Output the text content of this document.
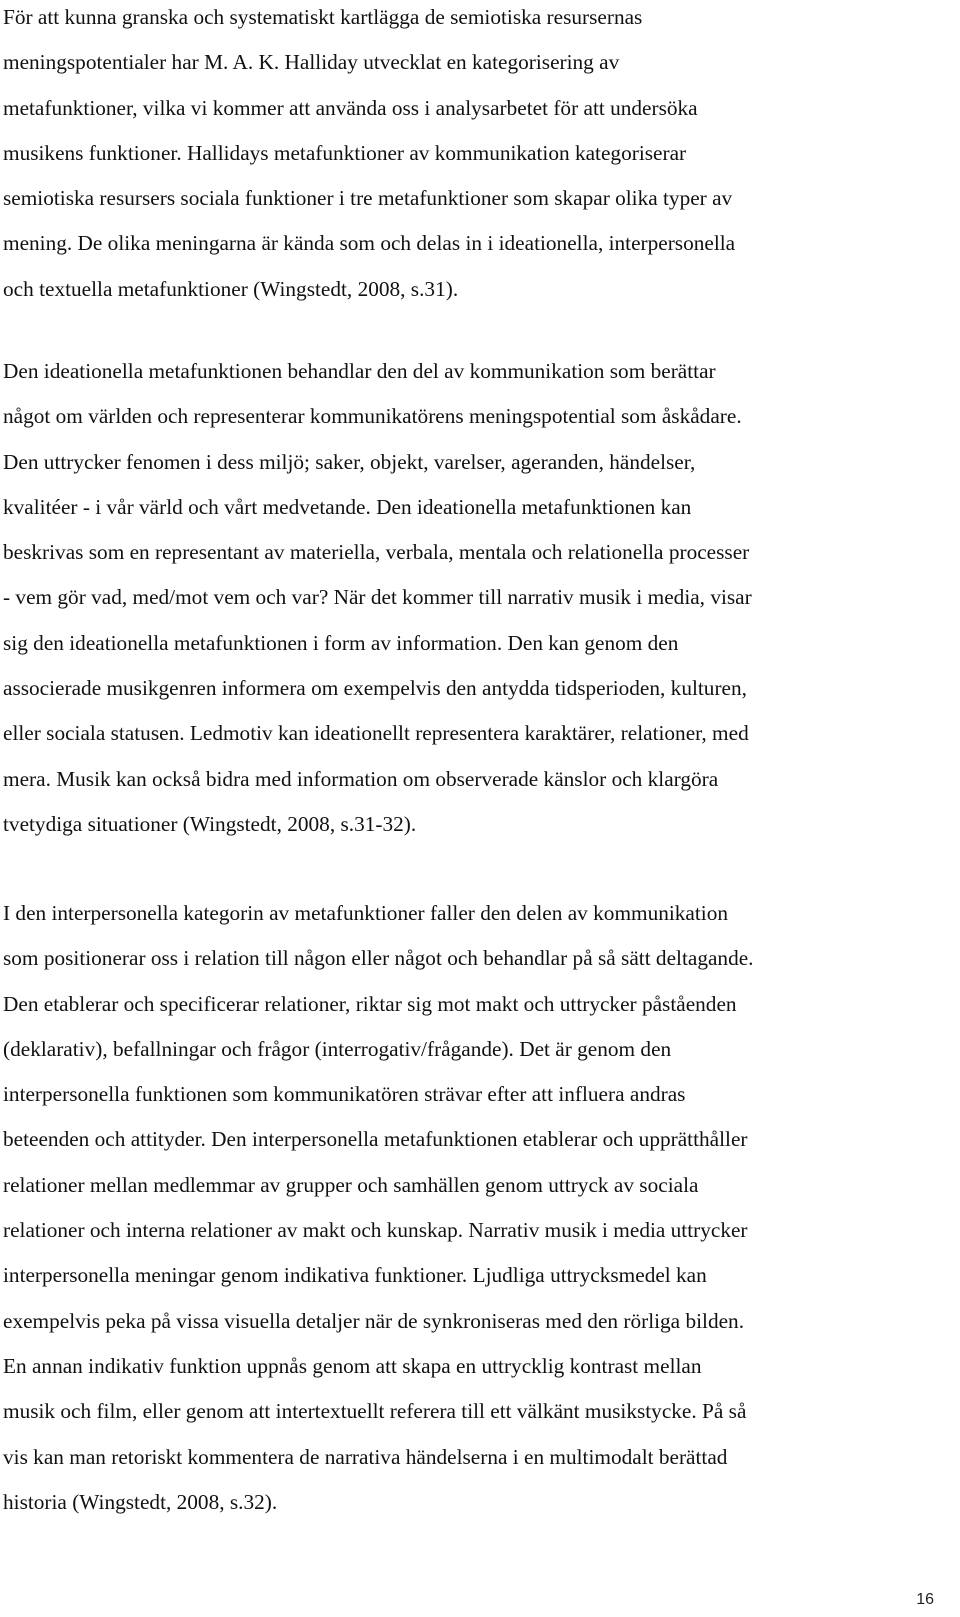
För att kunna granska och systematiskt kartlägga de semiotiska resursernas
meningspotentialer har M. A. K. Halliday utvecklat en kategorisering av
metafunktioner, vilka vi kommer att använda oss i analysarbetet för att undersöka
musikens funktioner. Hallidays metafunktioner av kommunikation kategoriserar
semiotiska resursers sociala funktioner i tre metafunktioner som skapar olika typer av
mening. De olika meningarna är kända som och delas in i ideationella, interpersonella
och textuella metafunktioner (Wingstedt, 2008, s.31).

Den ideationella metafunktionen behandlar den del av kommunikation som berättar
något om världen och representerar kommunikatörens meningspotential som åskådare.
Den uttrycker fenomen i dess miljö; saker, objekt, varelser, ageranden, händelser,
kvalitéer - i vår värld och vårt medvetande. Den ideationella metafunktionen kan
beskrivas som en representant av materiella, verbala, mentala och relationella processer
- vem gör vad, med/mot vem och var? När det kommer till narrativ musik i media, visar
sig den ideationella metafunktionen i form av information. Den kan genom den
associerade musikgenren informera om exempelvis den antydda tidsperioden, kulturen,
eller sociala statusen. Ledmotiv kan ideationellt representera karaktärer, relationer, med
mera. Musik kan också bidra med information om observerade känslor och klargöra
tvetydiga situationer (Wingstedt, 2008, s.31-32).

I den interpersonella kategorin av metafunktioner faller den delen av kommunikation
som positionerar oss i relation till någon eller något och behandlar på så sätt deltagande.
Den etablerar och specificerar relationer, riktar sig mot makt och uttrycker påståenden
(deklarativ), befallningar och frågor (interrogativ/frågande). Det är genom den
interpersonella funktionen som kommunikatören strävar efter att influera andras
beteenden och attityder. Den interpersonella metafunktionen etablerar och upprätthåller
relationer mellan medlemmar av grupper och samhällen genom uttryck av sociala
relationer och interna relationer av makt och kunskap. Narrativ musik i media uttrycker
interpersonella meningar genom indikativa funktioner. Ljudliga uttrycksmedel kan
exempelvis peka på vissa visuella detaljer när de synkroniseras med den rörliga bilden.
En annan indikativ funktion uppnås genom att skapa en uttrycklig kontrast mellan
musik och film, eller genom att intertextuellt referera till ett välkänt musikstycke. På så
vis kan man retoriskt kommentera de narrativa händelserna i en multimodalt berättad
historia (Wingstedt, 2008, s.32).

16
